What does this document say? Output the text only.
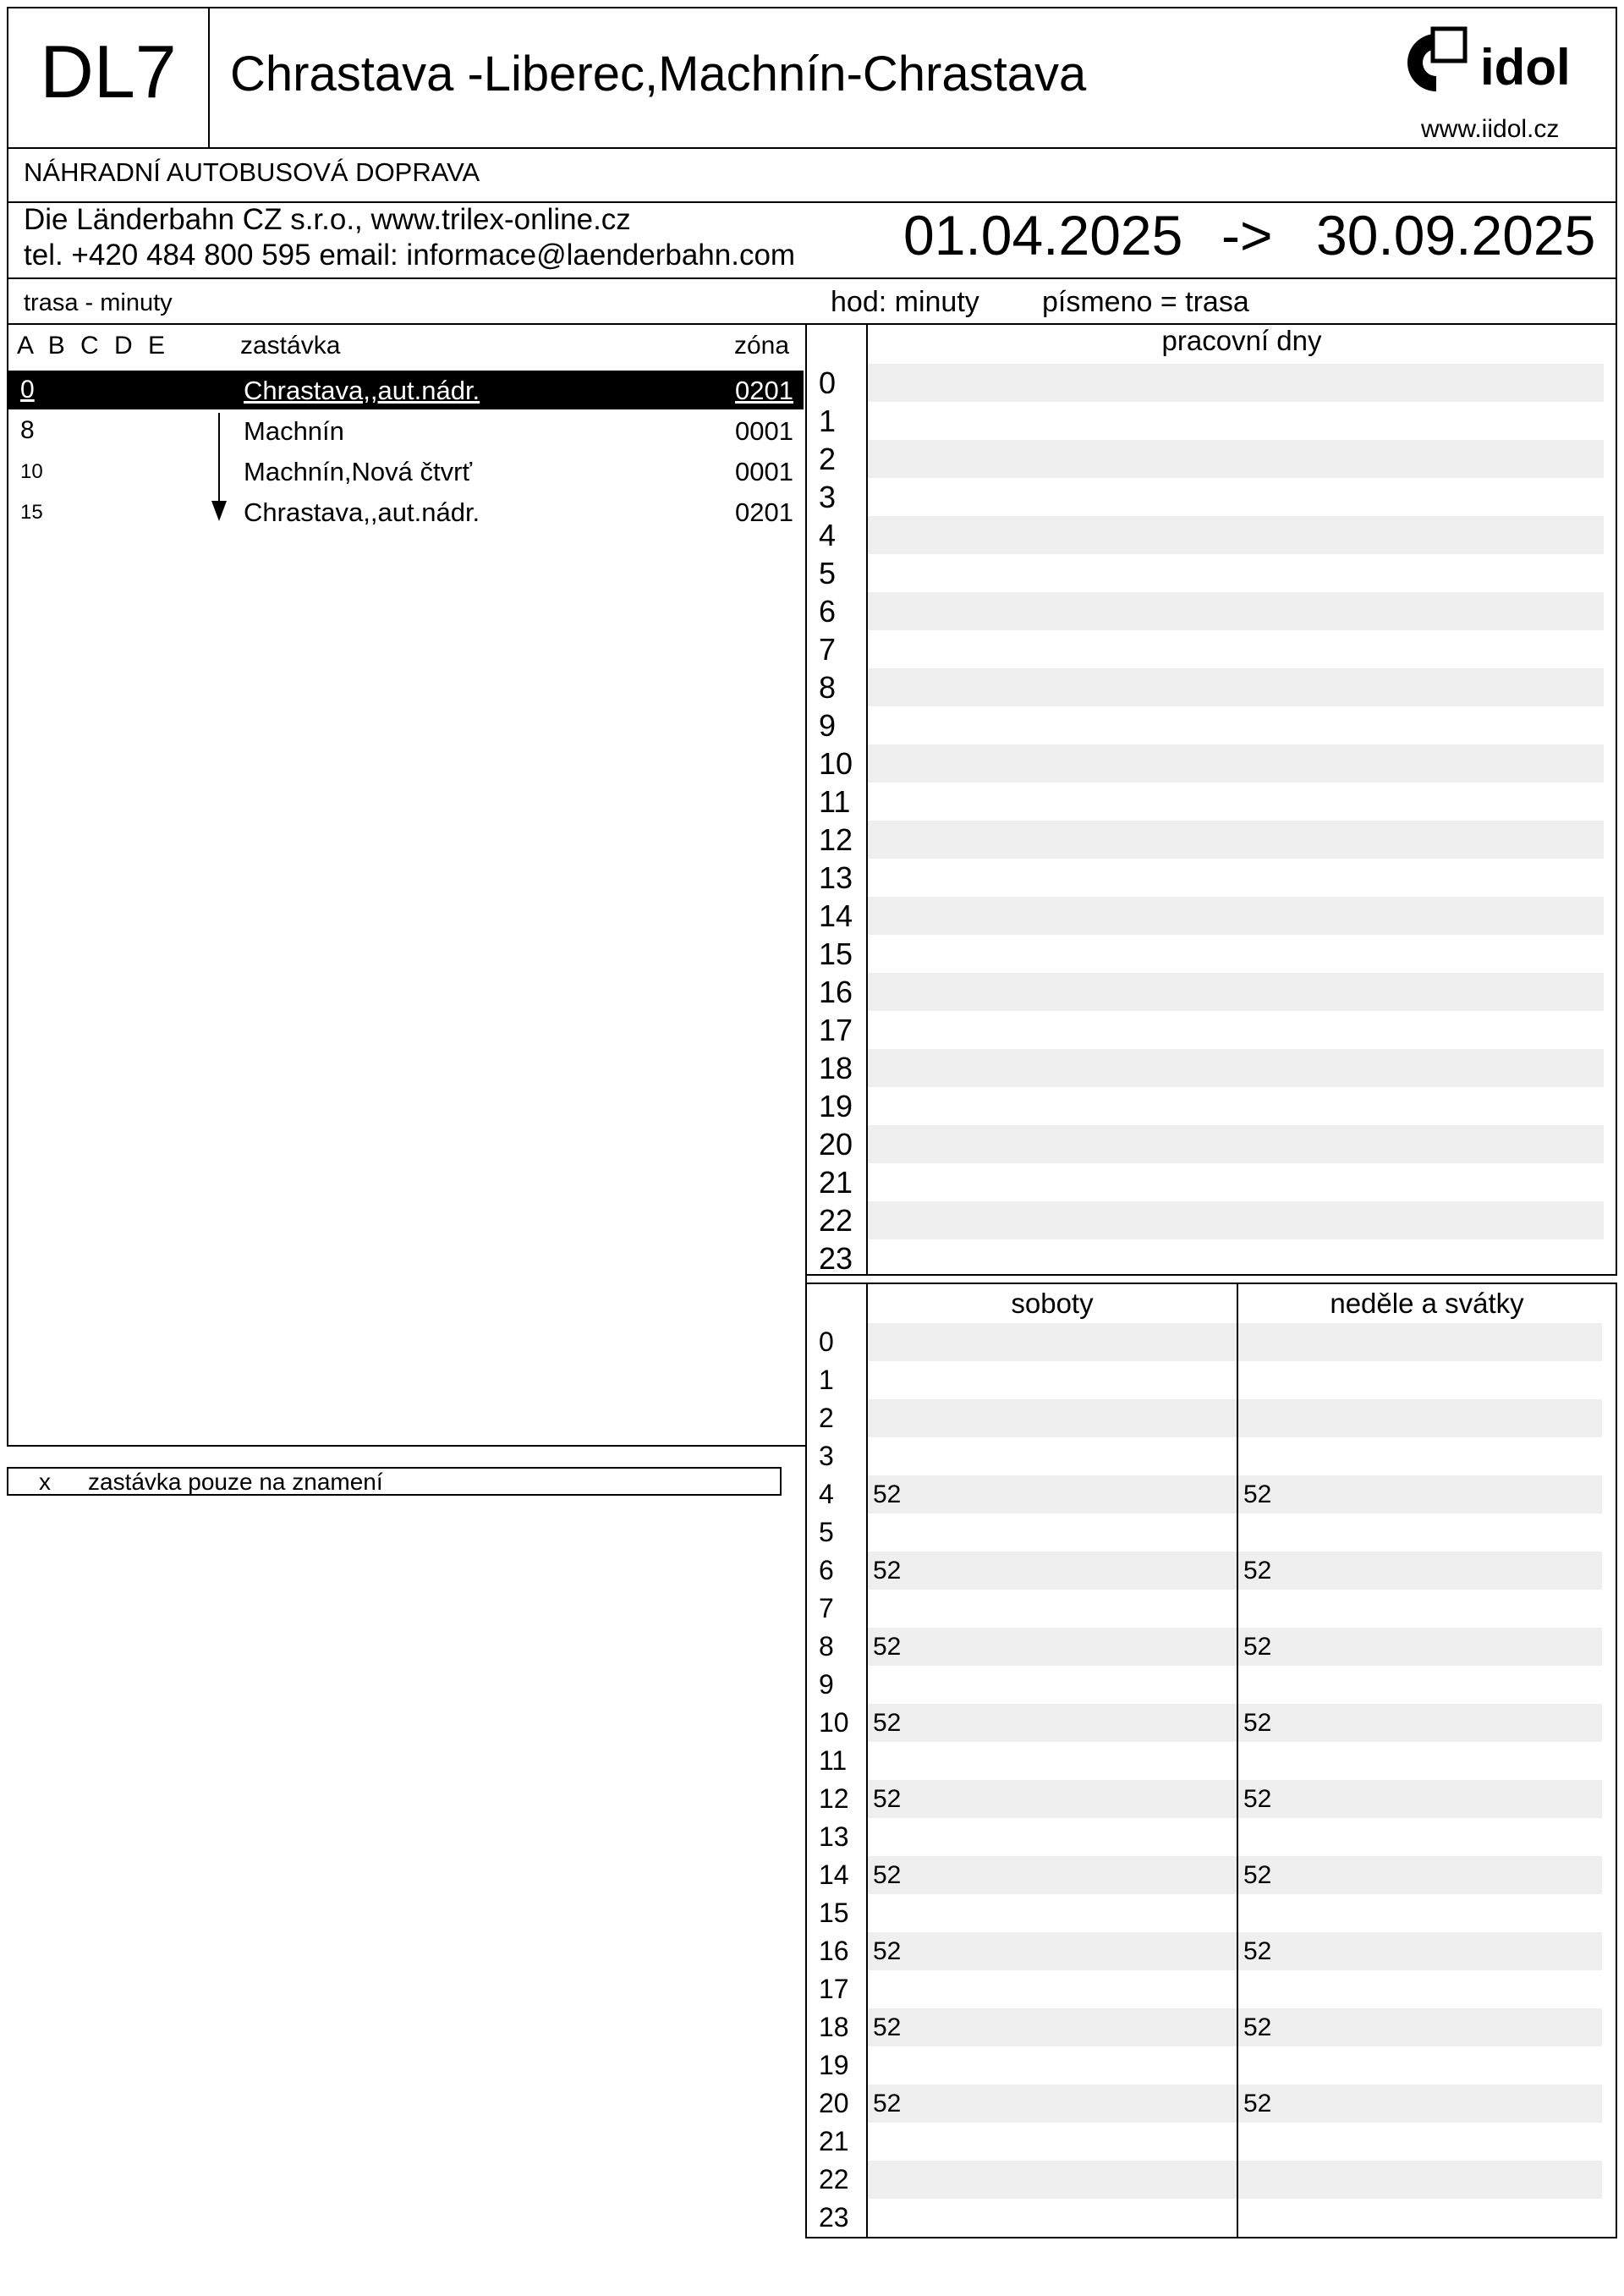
DL7	Chrastava -Liberec,Machnín-Chrastava	idol
www.iidol.cz
NÁHRADNÍ AUTOBUSOVÁ DOPRAVA
Die Länderbahn CZ s.r.o., www.trilex-online.cz
tel. +420 484 800 595 email: informace@laenderbahn.com 01.04.2025 -> 30.09.2025
trasa - minuty	hod: minuty písmeno = trasa
A B C D E	zastávka	zóna
0	Chrastava,,aut.nádr.	0201
8	Machnín	0001
10	Machnín,Nová čtvrť	0001
15	Chrastava,,aut.nádr.	0201
x zastávka pouze na znamení
pracovní dny
0
1
2
3
4
5
6
7
8
9
10
11
12
13
14
15
16
17
18
19
20
21
22
23
soboty	neděle a svátky
0
1
2
3
4 52	52
5
6 52	52
7
8 52	52
9
10 52	52
11
12 52	52
13
14 52	52
15
16 52	52
17
18 52	52
19
20 52	52
21
22
23
